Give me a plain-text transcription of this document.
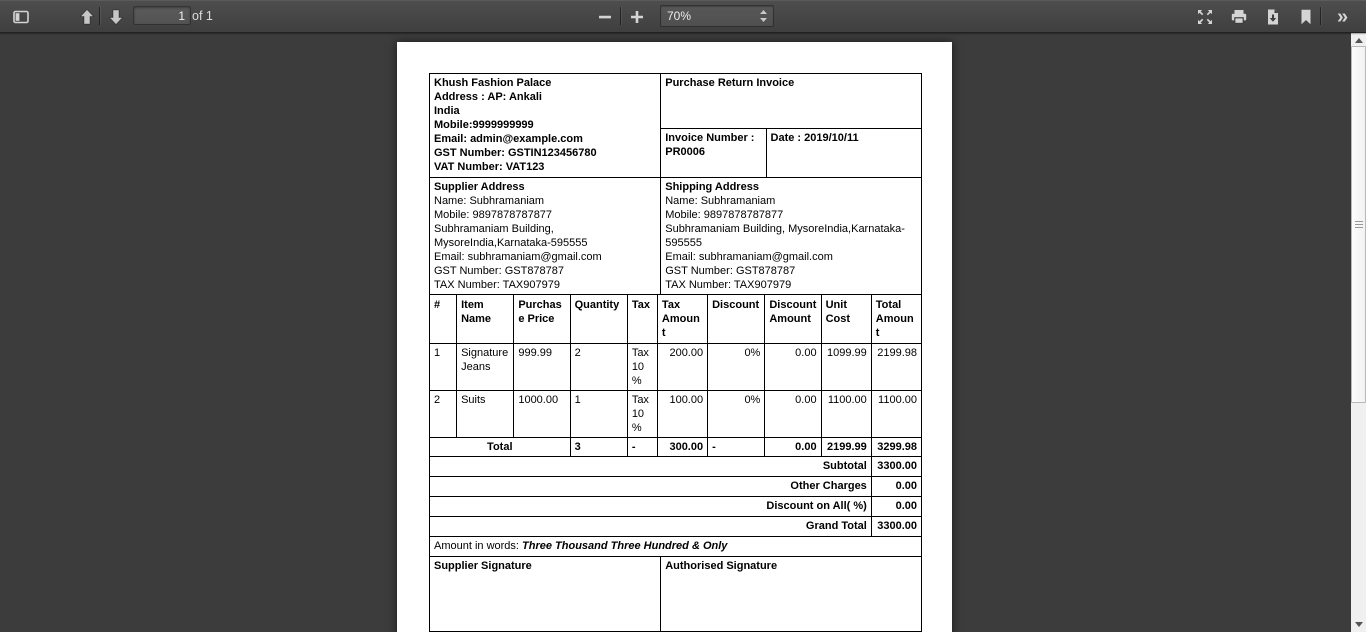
1
of 1	70%	»
Khush Fashion Palace
Address : AP: Ankali
India
Mobile:9999999999
Email: admin@example.com
GST Number: GSTIN123456780
VAT Number: VAT123
	Purchase Return Invoice
	Invoice Number : PR0006	Date : 2019/10/11
Supplier Address
Name: Subhramaniam
Mobile: 9897878787877
Subhramaniam Building, MysoreIndia,Karnataka-595555
Email: subhramaniam@gmail.com
GST Number: GST878787
TAX Number: TAX907979

Shipping Address
Name: Subhramaniam
Mobile: 9897878787877
Subhramaniam Building, MysoreIndia,Karnataka-595555
Email: subhramaniam@gmail.com
GST Number: GST878787
TAX Number: TAX907979
#	Item Name	Purchase Price	Quantity	Tax	Tax Amount	Discount	Discount Amount	Unit Cost	Total Amount
1	Signature Jeans	999.99	2	Tax 10%	200.00	0%	0.00	1099.99	2199.98
2	Suits	1000.00	1	Tax 10%	100.00	0%	0.00	1100.00	1100.00
Total			3	-	300.00	-	0.00	2199.99	3299.98
Subtotal	3300.00
Other Charges	0.00
Discount on All( %)	0.00
Grand Total	3300.00
Amount in words: Three Thousand Three Hundred & Only
Supplier Signature	Authorised Signature
